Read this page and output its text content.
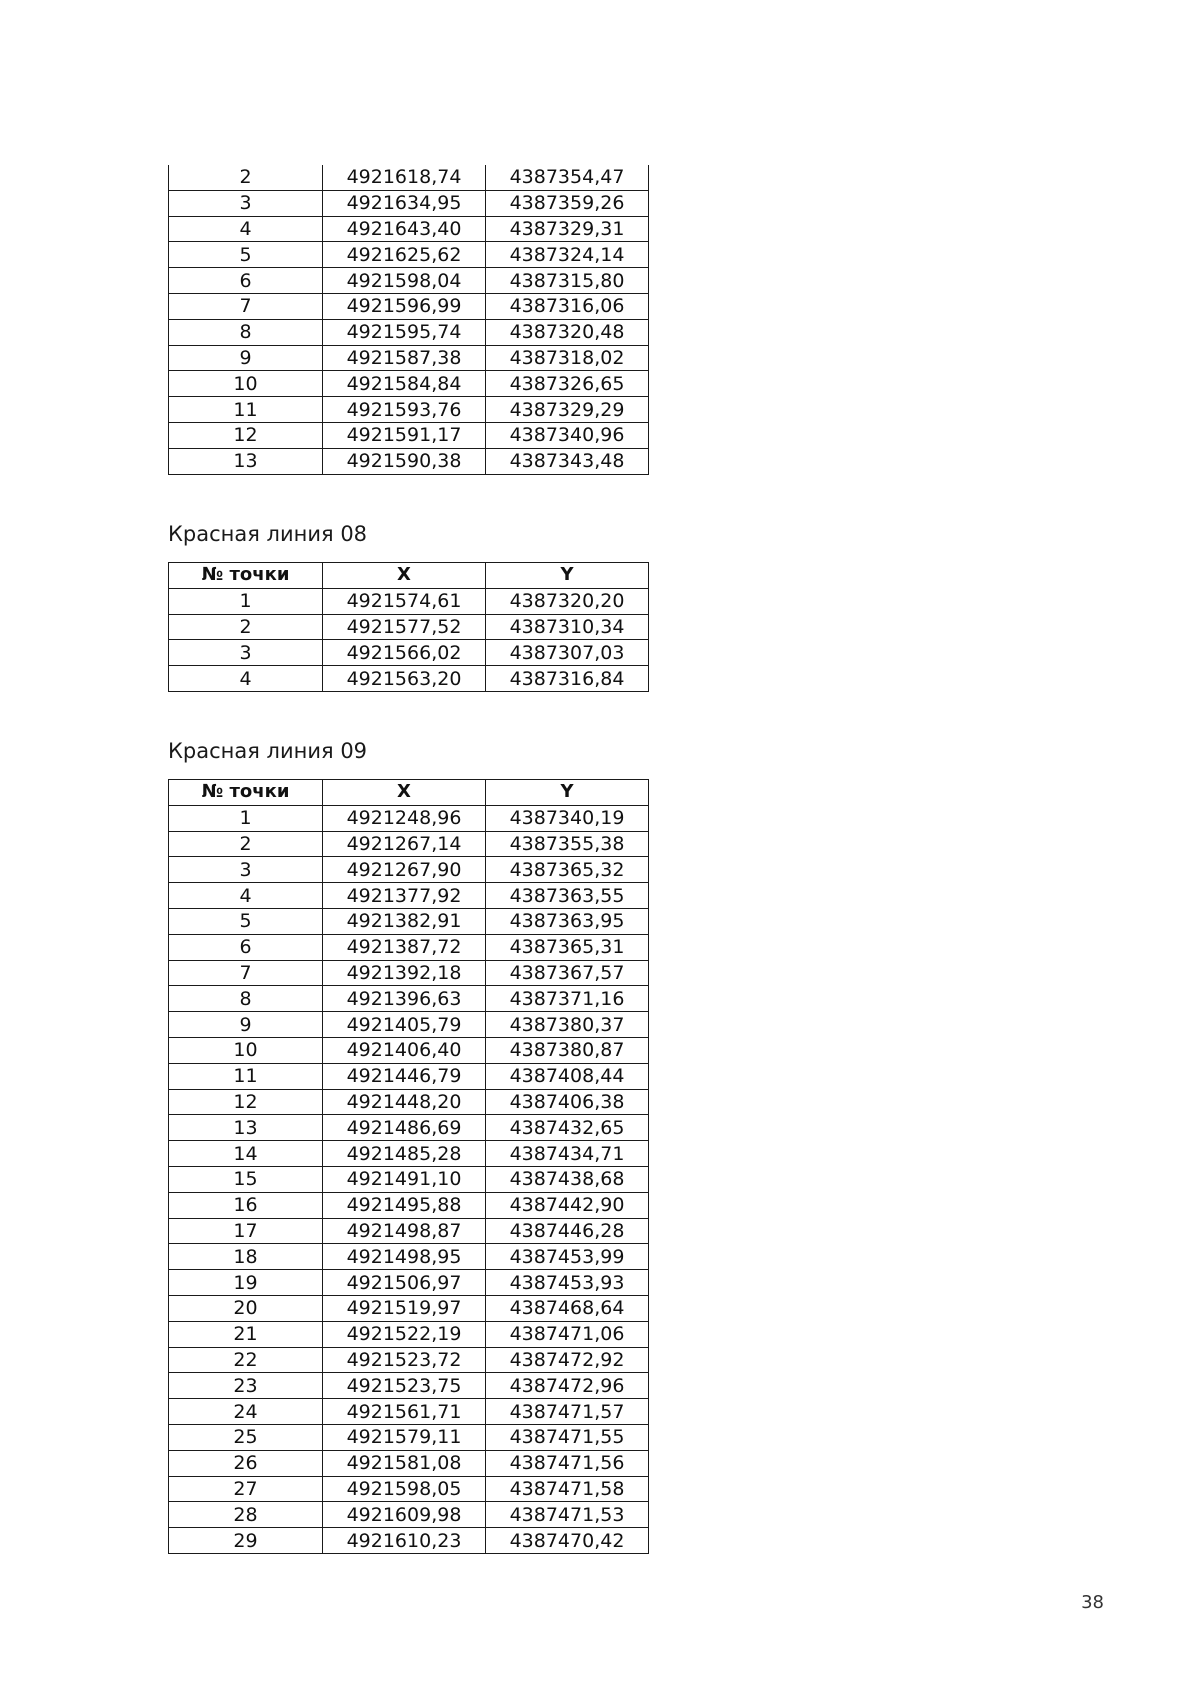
2	4921618,74	4387354,47
3	4921634,95	4387359,26
4	4921643,40	4387329,31
5	4921625,62	4387324,14
6	4921598,04	4387315,80
7	4921596,99	4387316,06
8	4921595,74	4387320,48
9	4921587,38	4387318,02
10	4921584,84	4387326,65
11	4921593,76	4387329,29
12	4921591,17	4387340,96
13	4921590,38	4387343,48
Красная линия 08
№ точки	X	Y
1	4921574,61	4387320,20
2	4921577,52	4387310,34
3	4921566,02	4387307,03
4	4921563,20	4387316,84
Красная линия 09
№ точки	X	Y
1	4921248,96	4387340,19
2	4921267,14	4387355,38
3	4921267,90	4387365,32
4	4921377,92	4387363,55
5	4921382,91	4387363,95
6	4921387,72	4387365,31
7	4921392,18	4387367,57
8	4921396,63	4387371,16
9	4921405,79	4387380,37
10	4921406,40	4387380,87
11	4921446,79	4387408,44
12	4921448,20	4387406,38
13	4921486,69	4387432,65
14	4921485,28	4387434,71
15	4921491,10	4387438,68
16	4921495,88	4387442,90
17	4921498,87	4387446,28
18	4921498,95	4387453,99
19	4921506,97	4387453,93
20	4921519,97	4387468,64
21	4921522,19	4387471,06
22	4921523,72	4387472,92
23	4921523,75	4387472,96
24	4921561,71	4387471,57
25	4921579,11	4387471,55
26	4921581,08	4387471,56
27	4921598,05	4387471,58
28	4921609,98	4387471,53
29	4921610,23	4387470,42
38
